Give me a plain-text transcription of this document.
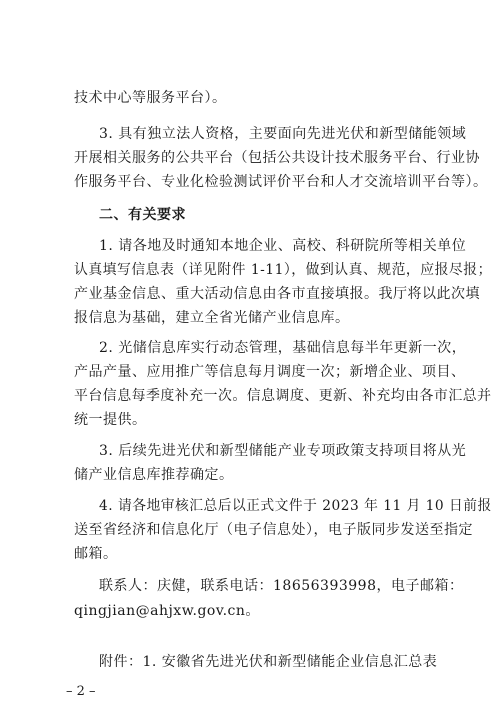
技术中心等服务平台）。
3. 具有独立法人资格，主要面向先进光伏和新型储能领域
开展相关服务的公共平台（包括公共设计技术服务平台、行业协
作服务平台、专业化检验测试评价平台和人才交流培训平台等）。
二、有关要求
1. 请各地及时通知本地企业、高校、科研院所等相关单位
认真填写信息表（详见附件 1-11），做到认真、规范，应报尽报；
产业基金信息、重大活动信息由各市直接填报。我厅将以此次填
报信息为基础，建立全省光储产业信息库。
2. 光储信息库实行动态管理，基础信息每半年更新一次，
产品产量、应用推广等信息每月调度一次；新增企业、项目、
平台信息每季度补充一次。信息调度、更新、补充均由各市汇总并
统一提供。
3. 后续先进光伏和新型储能产业专项政策支持项目将从光
储产业信息库推荐确定。
4. 请各地审核汇总后以正式文件于 2023 年 11 月 10 日前报
送至省经济和信息化厅（电子信息处），电子版同步发送至指定
邮箱。
联系人：庆健，联系电话：18656393998，电子邮箱：
qingjian@ahjxw.gov.cn。
附件：1. 安徽省先进光伏和新型储能企业信息汇总表
– 2 –
